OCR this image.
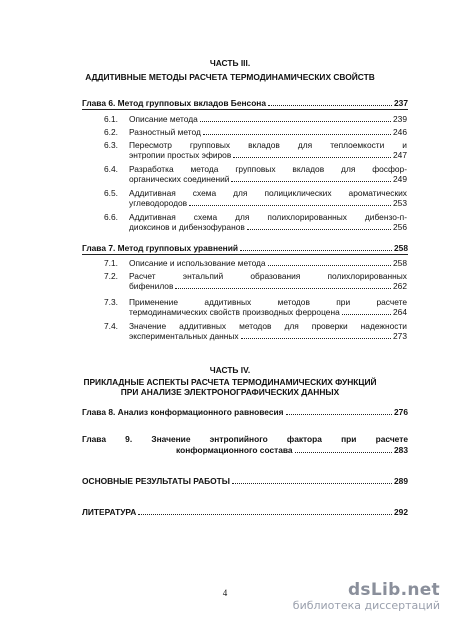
ЧАСТЬ III.
АДДИТИВНЫЕ МЕТОДЫ РАСЧЕТА ТЕРМОДИНАМИЧЕСКИХ СВОЙСТВ
Глава 6. Метод групповых вкладов Бенсона	237
6.1.	Описание метода	239
6.2.	Разностный метод	246
6.3.	Пересмотр групповых вкладов для теплоемкости и
энтропии простых эфиров	247
6.4.	Разработка метода групповых вкладов для фосфор-
органических соединений	249
6.5.	Аддитивная схема для полициклических ароматических
углеводородов	253
6.6.	Аддитивная схема для полихлорированных дибензо-п-
диоксинов и дибензофуранов	256
Глава 7. Метод групповых уравнений	258
7.1.	Описание и использование метода	258
7.2.	Расчет энтальпий образования полихлорированных
бифенилов	262
7.3.	Применение аддитивных методов при расчете
термодинамических свойств производных ферроцена	264
7.4.	Значение аддитивных методов для проверки надежности
экспериментальных данных	273
ЧАСТЬ IV.
ПРИКЛАДНЫЕ АСПЕКТЫ РАСЧЕТА ТЕРМОДИНАМИЧЕСКИХ ФУНКЦИЙ
ПРИ АНАЛИЗЕ ЭЛЕКТРОНОГРАФИЧЕСКИХ ДАННЫХ
Глава 8. Анализ конформационного равновесия	276
Глава 9. Значение энтропийного фактора при расчете
конформационного состава	283
ОСНОВНЫЕ РЕЗУЛЬТАТЫ РАБОТЫ	289
ЛИТЕРАТУРА	292
4	dsLib.net
библиотека диссертаций
